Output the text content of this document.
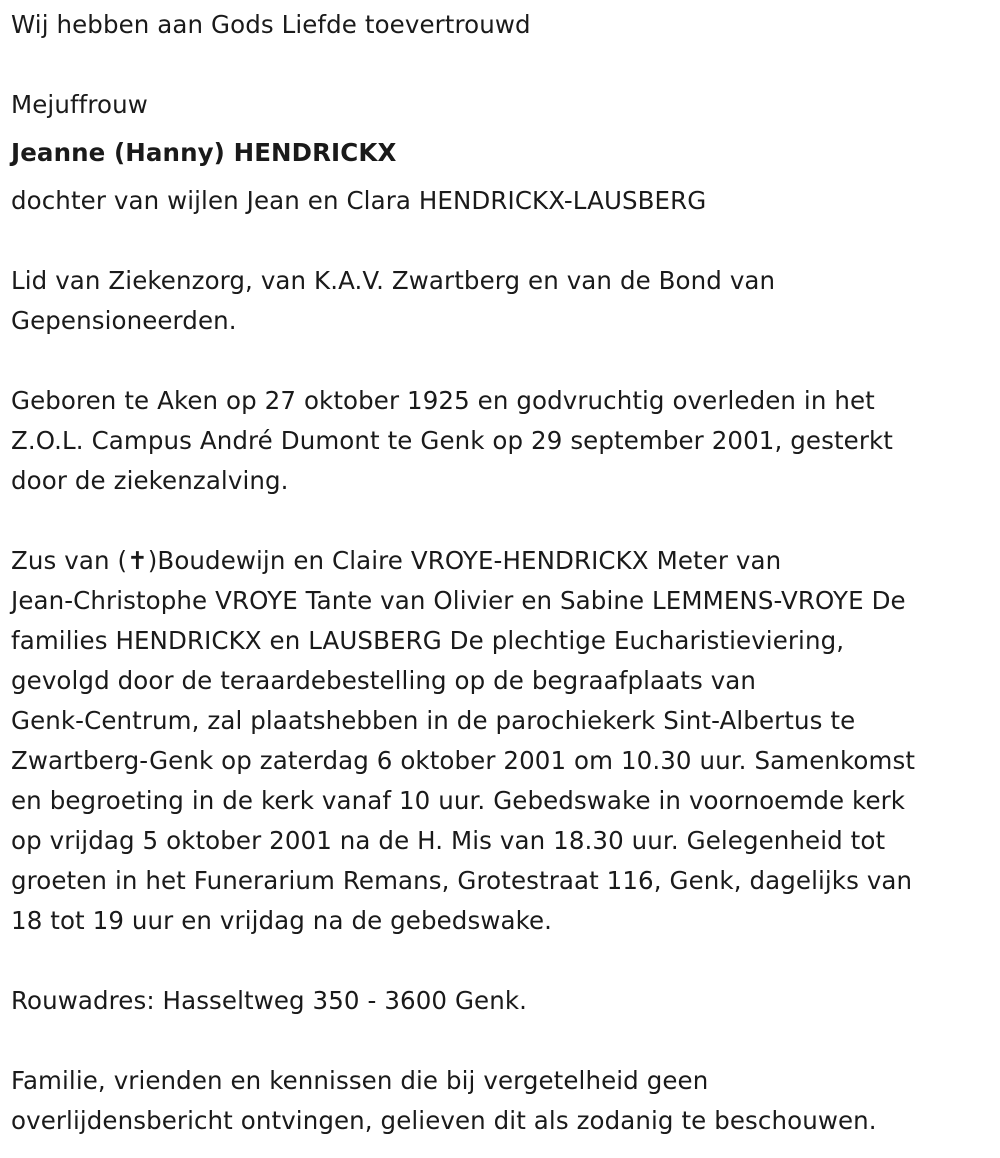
Wij hebben aan Gods Liefde toevertrouwd
Mejuffrouw
Jeanne (Hanny) HENDRICKX
dochter van wijlen Jean en Clara HENDRICKX-LAUSBERG
Lid van Ziekenzorg, van K.A.V. Zwartberg en van de Bond van
Gepensioneerden.
Geboren te Aken op 27 oktober 1925 en godvruchtig overleden in het
Z.O.L. Campus André Dumont te Genk op 29 september 2001, gesterkt
door de ziekenzalving.
Zus van (✝)Boudewijn en Claire VROYE-HENDRICKX Meter van
Jean-Christophe VROYE Tante van Olivier en Sabine LEMMENS-VROYE De
families HENDRICKX en LAUSBERG De plechtige Eucharistieviering,
gevolgd door de teraardebestelling op de begraafplaats van
Genk-Centrum, zal plaatshebben in de parochiekerk Sint-Albertus te
Zwartberg-Genk op zaterdag 6 oktober 2001 om 10.30 uur. Samenkomst
en begroeting in de kerk vanaf 10 uur. Gebedswake in voornoemde kerk
op vrijdag 5 oktober 2001 na de H. Mis van 18.30 uur. Gelegenheid tot
groeten in het Funerarium Remans, Grotestraat 116, Genk, dagelijks van
18 tot 19 uur en vrijdag na de gebedswake.
Rouwadres: Hasseltweg 350 - 3600 Genk.
Familie, vrienden en kennissen die bij vergetelheid geen
overlijdensbericht ontvingen, gelieven dit als zodanig te beschouwen.
